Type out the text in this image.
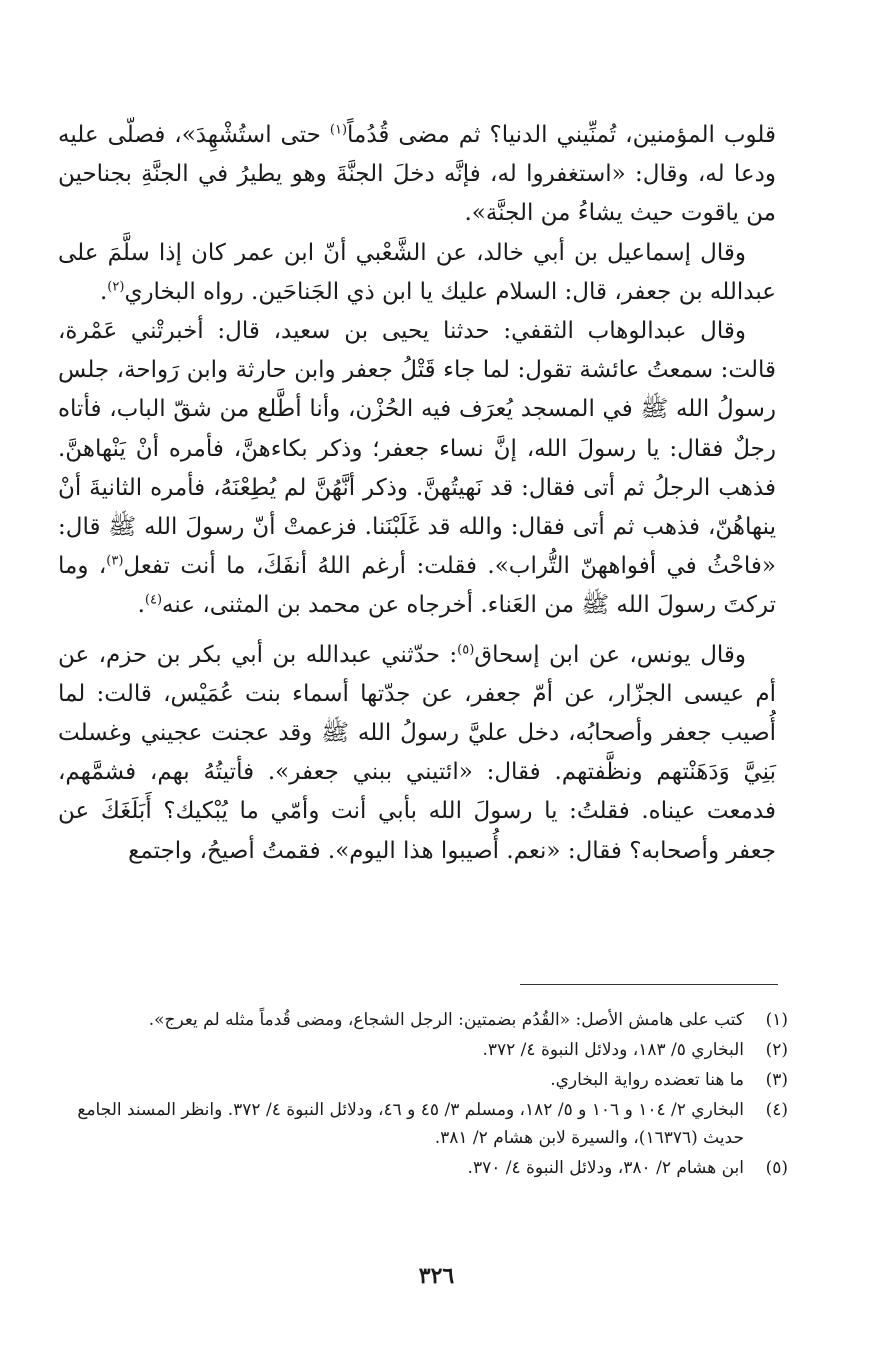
قلوب المؤمنين، تُمنِّيني الدنيا؟ ثم مضى قُدُماً$^{(١)}$ حتى استُشْهِدَ»، فصلّى عليه ودعا له، وقال: «استغفروا له، فإنَّه دخلَ الجنَّةَ وهو يطيرُ في الجنَّةِ بجناحين من ياقوت حيث يشاءُ من الجنَّة».

وقال إسماعيل بن أبي خالد، عن الشَّعْبي أنّ ابن عمر كان إذا سلَّمَ على عبدالله بن جعفر، قال: السلام عليك يا ابن ذي الجَناحَين. رواه البخاري$^{(٢)}$.

وقال عبدالوهاب الثقفي: حدثنا يحيى بن سعيد، قال: أخبرتْني عَمْرة، قالت: سمعتُ عائشة تقول: لما جاء قَتْلُ جعفر وابن حارثة وابن رَواحة، جلس رسولُ الله ﷺ في المسجد يُعرَف فيه الحُزْن، وأنا أطَّلع من شقّ الباب، فأتاه رجلٌ فقال: يا رسولَ الله، إنَّ نساء جعفر؛ وذكر بكاءهنَّ، فأمره أنْ يَنْهاهنَّ. فذهب الرجلُ ثم أتى فقال: قد نَهيتُهنَّ. وذكر أنَّهُنَّ لم يُطِعْنَهُ، فأمره الثانيةَ أنْ ينهاهُنّ، فذهب ثم أتى فقال: والله قد غَلَبْنَنا. فزعمتْ أنّ رسولَ الله ﷺ قال: «فاحْثُ في أفواههنّ التُّراب». فقلت: أرغم اللهُ أنفَكَ، ما أنت تفعل$^{(٣)}$، وما تركتَ رسولَ الله ﷺ من العَناء. أخرجاه عن محمد بن المثنى، عنه$^{(٤)}$.

وقال يونس، عن ابن إسحاق$^{(٥)}$: حدّثني عبدالله بن أبي بكر بن حزم، عن أم عيسى الجزّار، عن أمّ جعفر، عن جدّتها أسماء بنت عُمَيْس، قالت: لما أُصيب جعفر وأصحابُه، دخل عليَّ رسولُ الله ﷺ وقد عجنت عجيني وغسلت بَنِيَّ وَدَهَنْتهم ونظَّفتهم. فقال: «ائتيني ببني جعفر». فأتيتُهُ بهم، فشمَّهم، فدمعت عيناه. فقلتُ: يا رسولَ الله بأبي أنت وأمّي ما يُبْكيك؟ أَبَلَغَكَ عن جعفر وأصحابه؟ فقال: «نعم. أُصيبوا هذا اليوم». فقمتُ أصيحُ، واجتمع

(١)
كتب على هامش الأصل: «القُدُم بضمتين: الرجل الشجاع، ومضى قُدماً مثله لم يعرج».
(٢)
البخاري ٥/ ١٨٣، ودلائل النبوة ٤/ ٣٧٢.
(٣)
ما هنا تعضده رواية البخاري.
(٤)
البخاري ٢/ ١٠٤ و ١٠٦ و ٥/ ١٨٢، ومسلم ٣/ ٤٥ و ٤٦، ودلائل النبوة ٤/ ٣٧٢. وانظر المسند الجامع حديث (١٦٣٧٦)، والسيرة لابن هشام ٢/ ٣٨١.
(٥)
ابن هشام ٢/ ٣٨٠، ودلائل النبوة ٤/ ٣٧٠.
٣٢٦
